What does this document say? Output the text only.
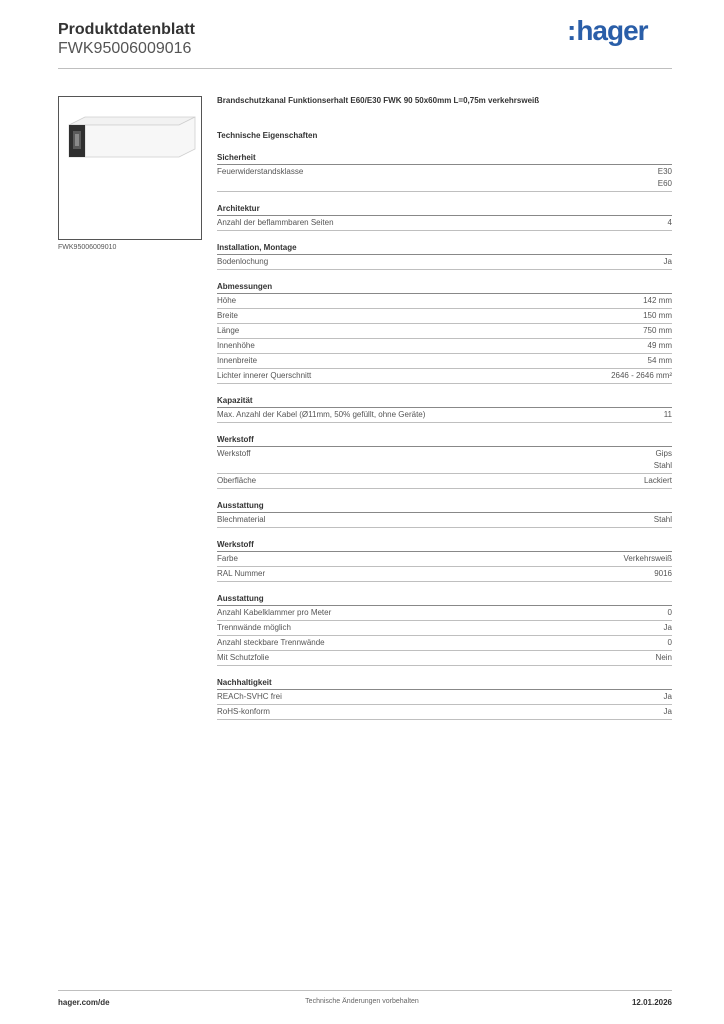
Produktdatenblatt
FWK95006009016
:hager
FWK95006009010
Brandschutzkanal Funktionserhalt E60/E30 FWK 90 50x60mm L=0,75m verkehrsweiß
Technische Eigenschaften
Sicherheit
Feuerwiderstandsklasse	E30
E60
Architektur
Anzahl der beflammbaren Seiten	4
Installation, Montage
Bodenlochung	Ja
Abmessungen
Höhe	142 mm
Breite	150 mm
Länge	750 mm
Innenhöhe	49 mm
Innenbreite	54 mm
Lichter innerer Querschnitt	2646 - 2646 mm²
Kapazität
Max. Anzahl der Kabel (Ø11mm, 50% gefüllt, ohne Geräte)	11
Werkstoff
Werkstoff	Gips
Stahl
Oberfläche	Lackiert
Ausstattung
Blechmaterial	Stahl
Werkstoff
Farbe	Verkehrsweiß
RAL Nummer	9016
Ausstattung
Anzahl Kabelklammer pro Meter	0
Trennwände möglich	Ja
Anzahl steckbare Trennwände	0
Mit Schutzfolie	Nein
Nachhaltigkeit
REACh-SVHC frei	Ja
RoHS-konform	Ja
hager.com/de	Technische Änderungen vorbehalten	12.01.2026
